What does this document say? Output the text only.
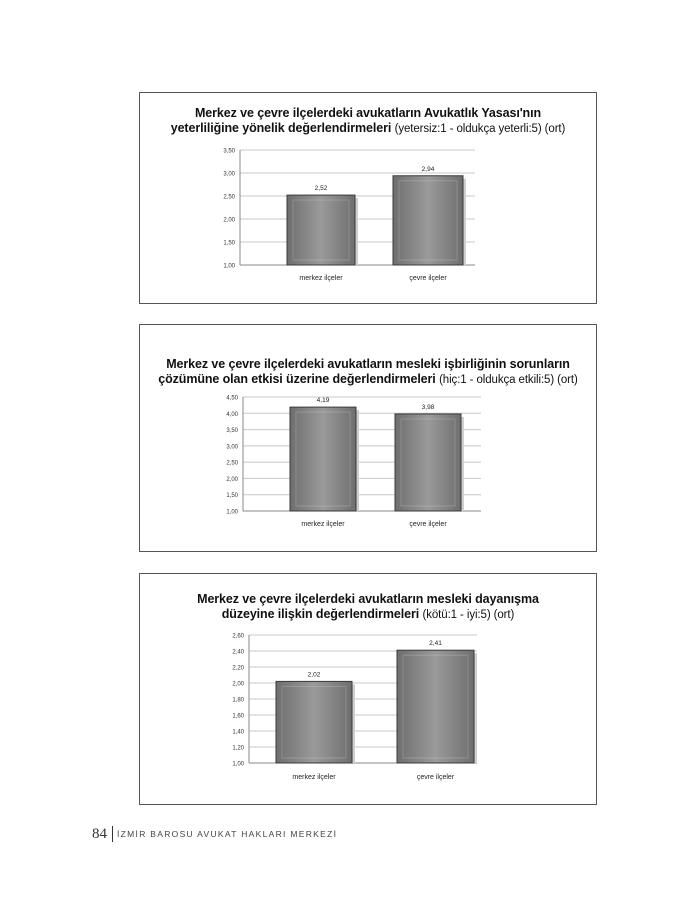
Merkez ve çevre ilçelerdeki avukatların Avukatlık Yasası'nın
yeterliliğine yönelik değerlendirmeleri (yetersiz:1 - oldukça yeterli:5) (ort)
1,00
1,50
2,00
2,50
3,00
3,50
2,52
merkez ilçeler
2,94
çevre ilçeler
Merkez ve çevre ilçelerdeki avukatların mesleki işbirliğinin sorunların
çözümüne olan etkisi üzerine değerlendirmeleri (hiç:1 - oldukça etkili:5) (ort)
1,00
1,50
2,00
2,50
3,00
3,50
4,00
4,50	4,19
merkez ilçeler
3,98
çevre ilçeler
Merkez ve çevre ilçelerdeki avukatların mesleki dayanışma
düzeyine ilişkin değerlendirmeleri (kötü:1 - iyi:5) (ort)
1,00
1,20
1,40
1,60
1,80
2,00
2,20
2,40
2,60
2,02
merkez ilçeler
2,41
çevre ilçeler
84 İZMİR BAROSU AVUKAT HAKLARI MERKEZİ
